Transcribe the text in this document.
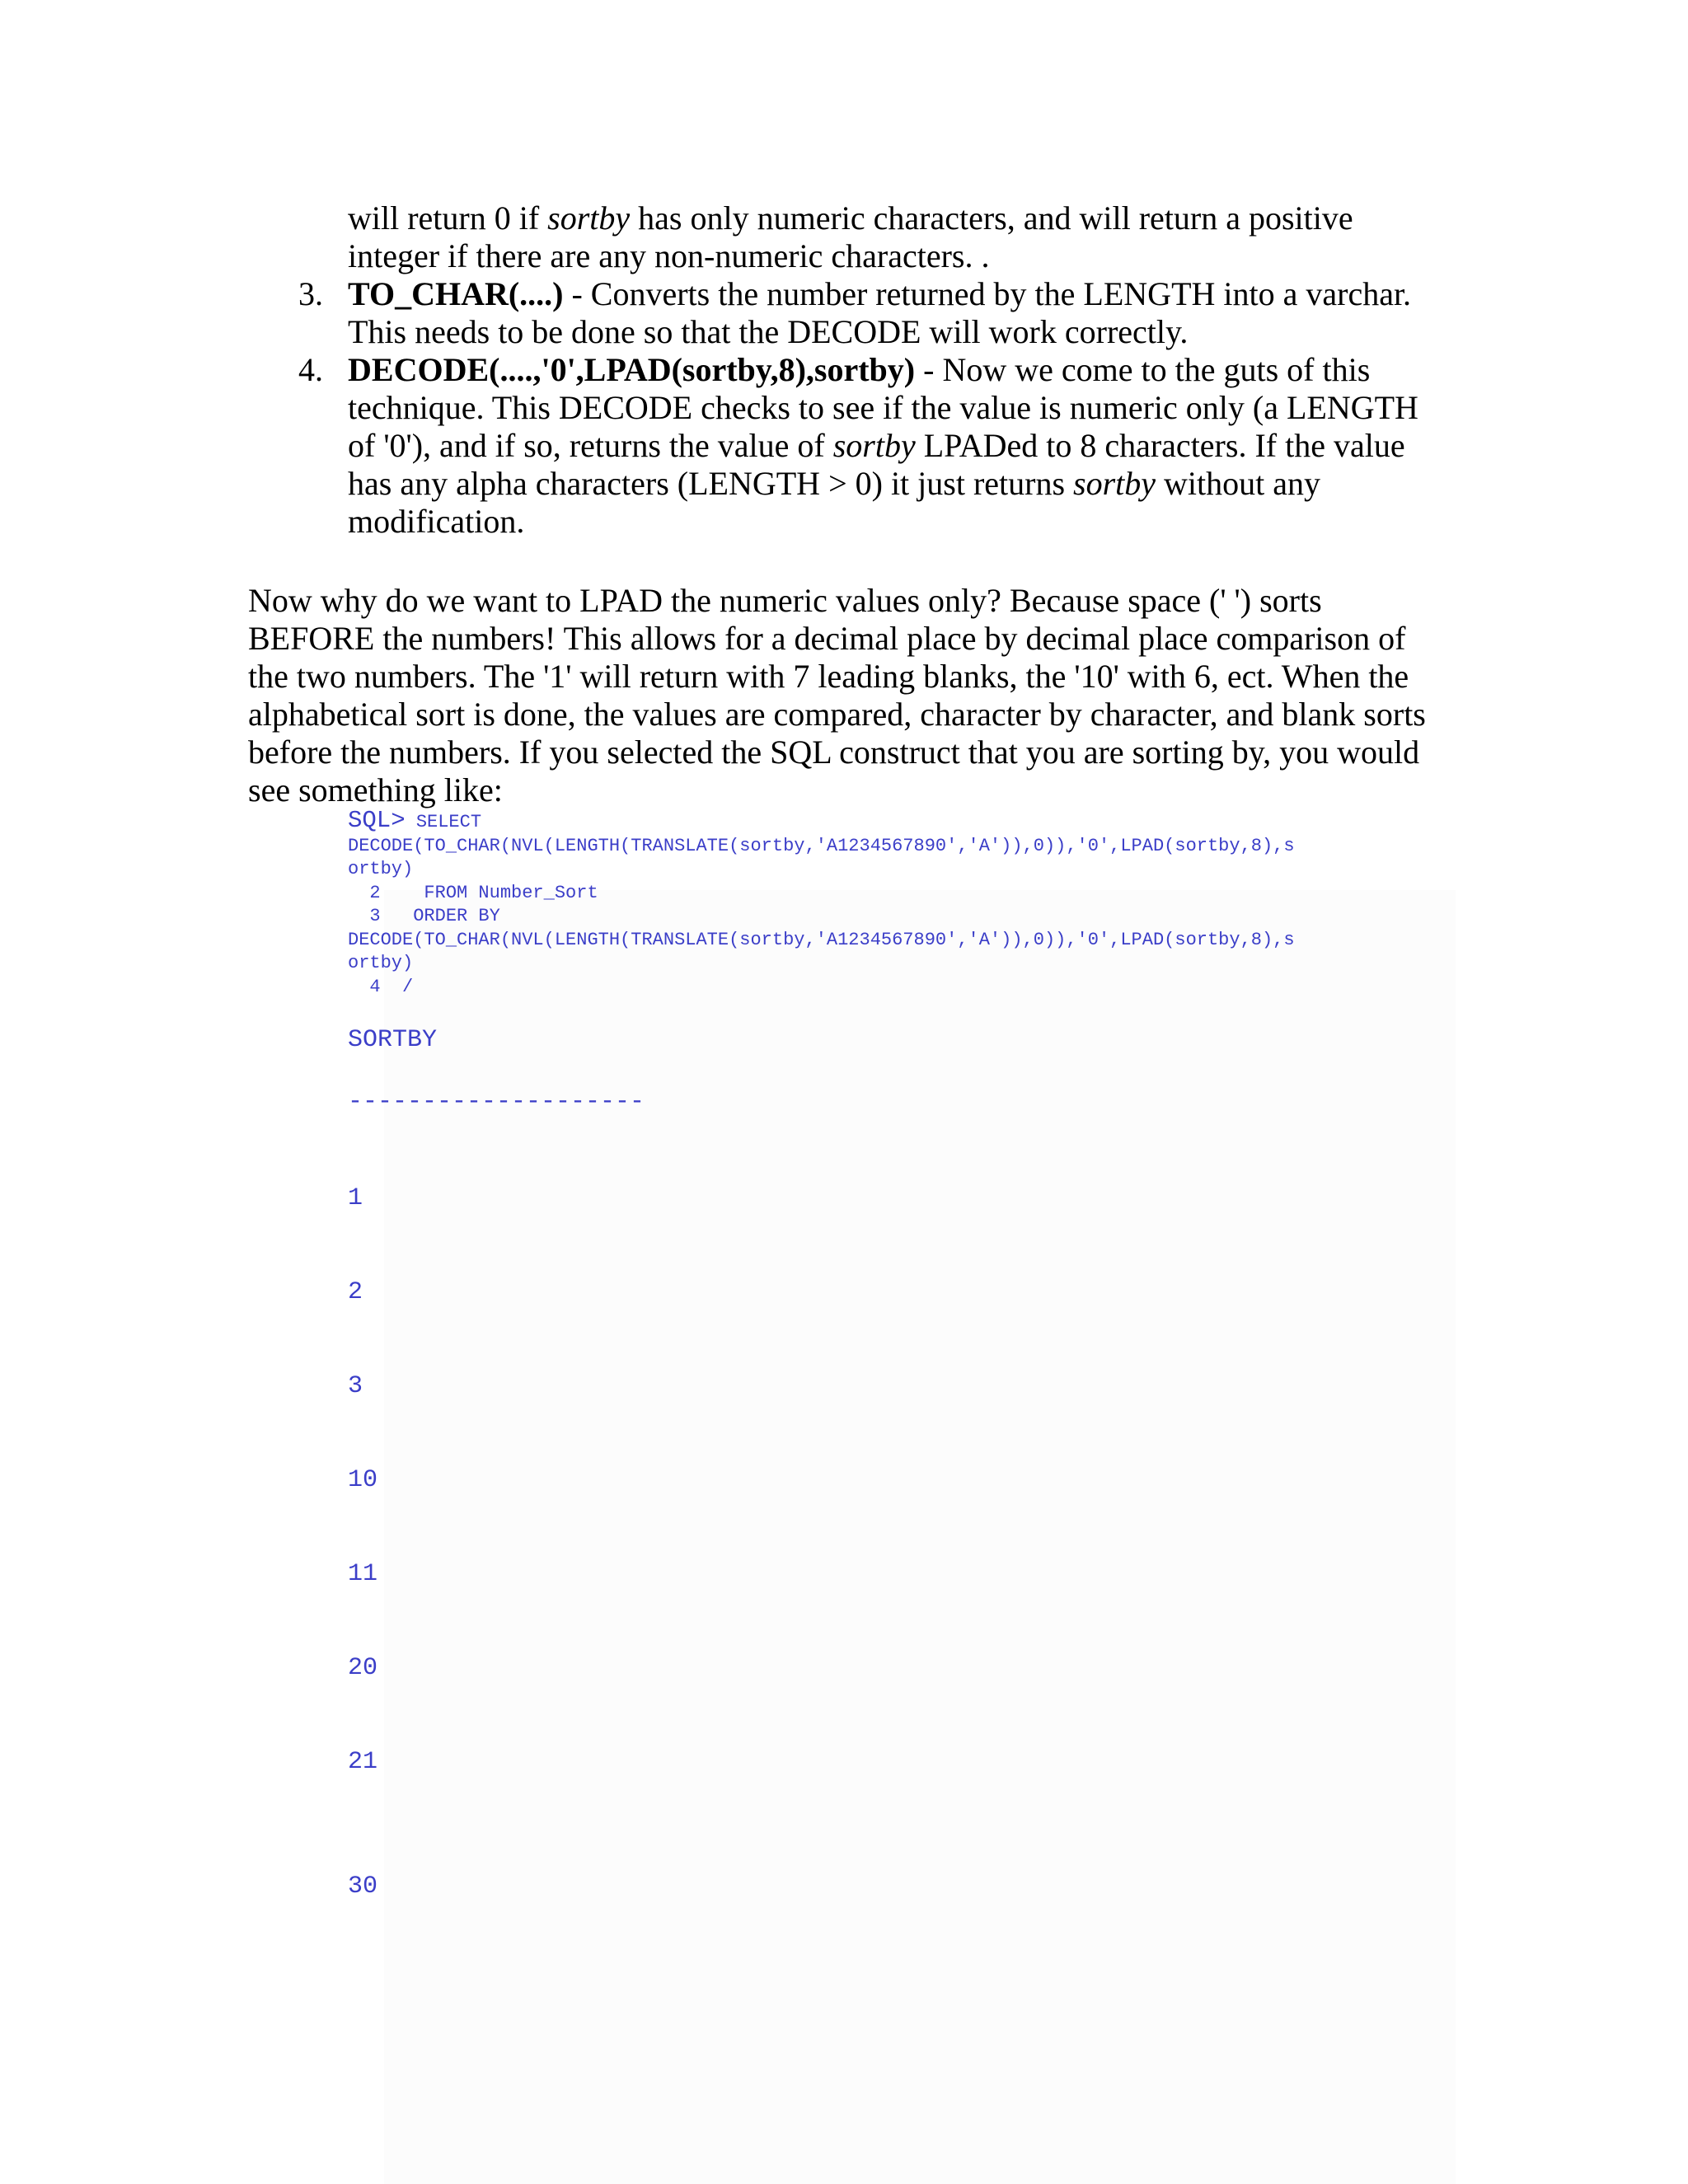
will return 0 if sortby has only numeric characters, and will return a positive integer if there are any non-numeric characters. .

3. TO_CHAR(....) - Converts the number returned by the LENGTH into a varchar. This needs to be done so that the DECODE will work correctly.
4. DECODE(....,'0',LPAD(sortby,8),sortby) - Now we come to the guts of this technique. This DECODE checks to see if the value is numeric only (a LENGTH of '0'), and if so, returns the value of sortby LPADed to 8 characters. If the value has any alpha characters (LENGTH > 0) it just returns sortby without any modification.

Now why do we want to LPAD the numeric values only? Because space (' ') sorts BEFORE the numbers! This allows for a decimal place by decimal place comparison of the two numbers. The '1' will return with 7 leading blanks, the '10' with 6, ect. When the alphabetical sort is done, the values are compared, character by character, and blank sorts before the numbers. If you selected the SQL construct that you are sorting by, you would see something like:

SQL> SELECT
DECODE(TO_CHAR(NVL(LENGTH(TRANSLATE(sortby,'A1234567890','A')),0)),'0',LPAD(sortby,8),s
ortby)
2    FROM Number_Sort
3   ORDER BY
DECODE(TO_CHAR(NVL(LENGTH(TRANSLATE(sortby,'A1234567890','A')),0)),'0',LPAD(sortby,8),s
ortby)
4  /
SORTBY
--------------------
1
2
3
10
11
20
21
30
